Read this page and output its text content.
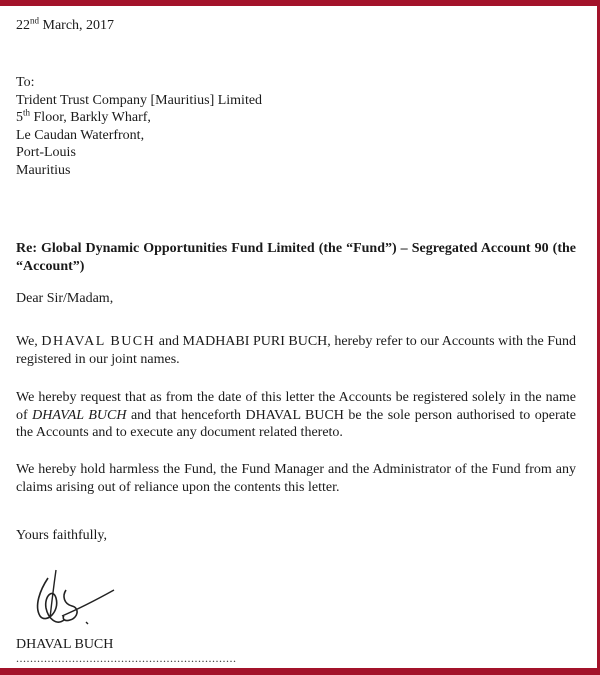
22nd March, 2017
To:
Trident Trust Company [Mauritius] Limited
5th Floor, Barkly Wharf,
Le Caudan Waterfront,
Port-Louis
Mauritius
Re: Global Dynamic Opportunities Fund Limited (the “Fund”) – Segregated Account 90 (the “Account”)
Dear Sir/Madam,
We, DHAVAL BUCH and MADHABI PURI BUCH, hereby refer to our Accounts with the Fund registered in our joint names.
We hereby request that as from the date of this letter the Accounts be registered solely in the name of DHAVAL BUCH and that henceforth DHAVAL BUCH be the sole person authorised to operate the Accounts and to execute any document related thereto.
We hereby hold harmless the Fund, the Fund Manager and the Administrator of the Fund from any claims arising out of reliance upon the contents this letter.
Yours faithfully,
DHAVAL BUCH
...............................................................
